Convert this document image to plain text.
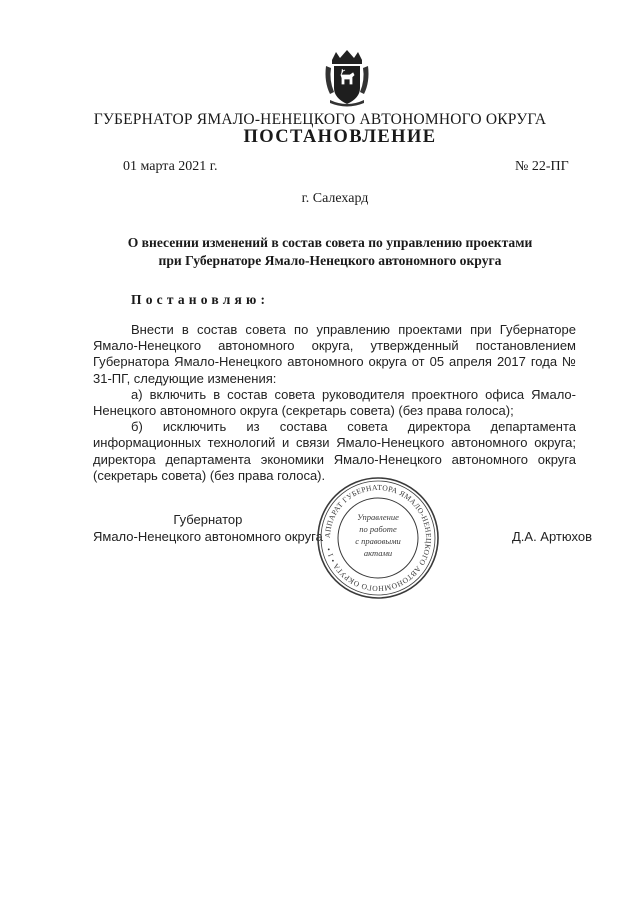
ГУБЕРНАТОР ЯМАЛО-НЕНЕЦКОГО АВТОНОМНОГО ОКРУГА
ПОСТАНОВЛЕНИЕ
01 марта 2021 г.	№ 22-ПГ
г. Салехард
О внесении изменений в состав совета по управлению проектами
при Губернаторе Ямало-Ненецкого автономного округа
Постановляю:

Внести в состав совета по управлению проектами при Губернаторе Ямало-Ненецкого автономного округа, утвержденный постановлением Губернатора Ямало-Ненецкого автономного округа от 05 апреля 2017 года № 31-ПГ, следующие изменения:

а) включить в состав совета руководителя проектного офиса Ямало-Ненецкого автономного округа (секретарь совета) (без права голоса);

б) исключить из состава совета директора департамента информационных технологий и связи Ямало-Ненецкого автономного округа; директора департамента экономики Ямало-Ненецкого автономного округа (секретарь совета) (без права голоса).

Губернатор
Ямало-Ненецкого автономного округа	Д.А. Артюхов
АППАРАТ ГУБЕРНАТОРА ЯМАЛО-НЕНЕЦКОГО АВТОНОМНОГО ОКРУГА • 1 •
Управление
по работе
с правовыми
актами
